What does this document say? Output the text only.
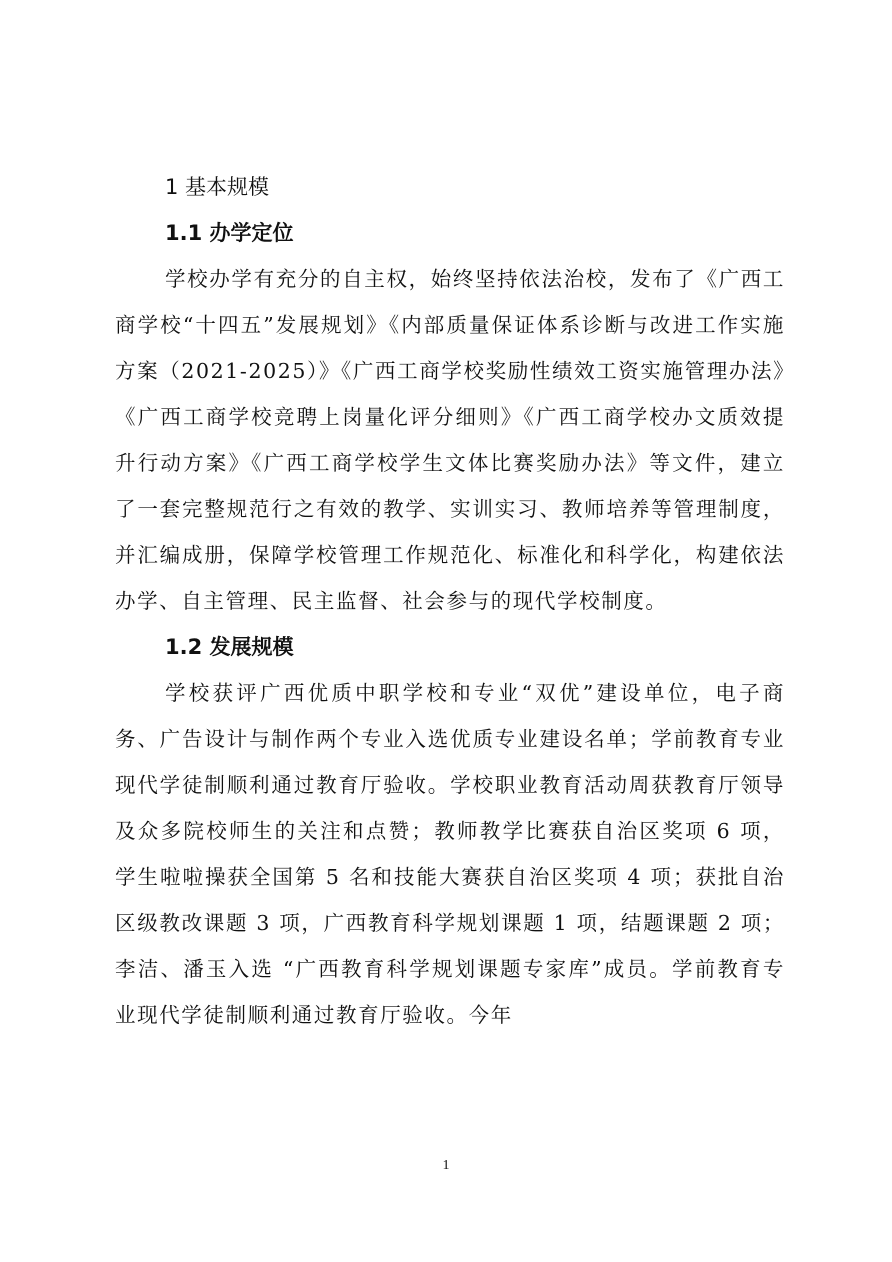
1 基本规模
1.1 办学定位

学校办学有充分的自主权，始终坚持依法治校，发布了《广西工商学校“十四五”发展规划》《内部质量保证体系诊断与改进工作实施方案（2021-2025）》《广西工商学校奖励性绩效工资实施管理办法》《广西工商学校竞聘上岗量化评分细则》《广西工商学校办文质效提升行动方案》《广西工商学校学生文体比赛奖励办法》等文件，建立了一套完整规范行之有效的教学、实训实习、教师培养等管理制度，并汇编成册，保障学校管理工作规范化、标准化和科学化，构建依法办学、自主管理、民主监督、社会参与的现代学校制度。

1.2 发展规模

学校获评广西优质中职学校和专业“双优”建设单位，电子商务、广告设计与制作两个专业入选优质专业建设名单；学前教育专业现代学徒制顺利通过教育厅验收。学校职业教育活动周获教育厅领导及众多院校师生的关注和点赞；教师教学比赛获自治区奖项 6 项，学生啦啦操获全国第 5 名和技能大赛获自治区奖项 4 项；获批自治区级教改课题 3 项，广西教育科学规划课题 1 项，结题课题 2 项； 李洁、潘玉入选 “广西教育科学规划课题专家库”成员。学前教育专业现代学徒制顺利通过教育厅验收。今年

1
